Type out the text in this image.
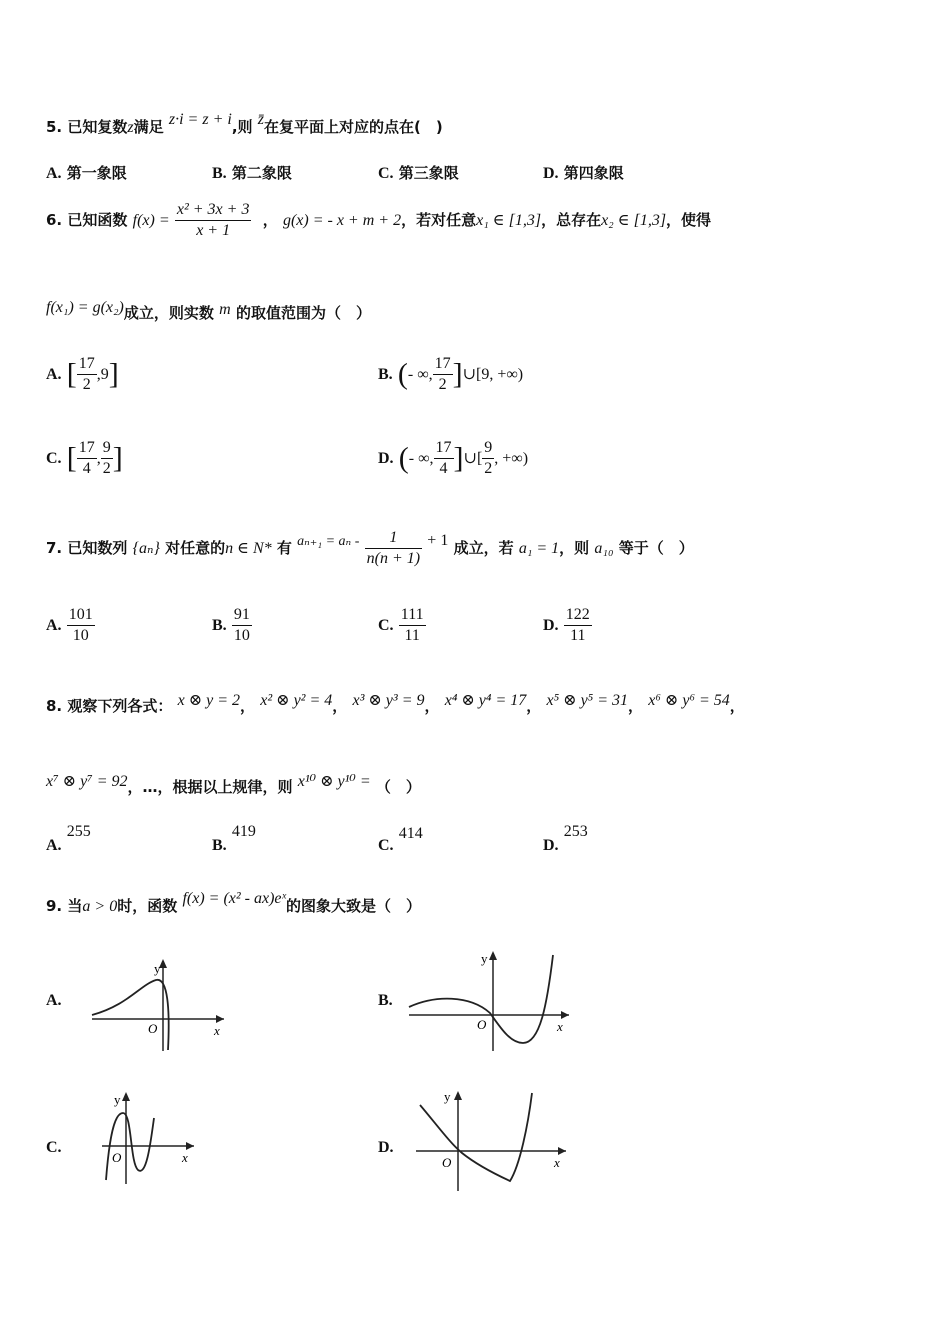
5. 已知复数z满足 z·i = z + i,则 z̄在复平面上对应的点在(　)
A. 第一象限	B. 第二象限	C. 第三象限	D. 第四象限
6. 已知函数 $f(x) = \frac{\text{x² + 3x + 3}}{x + 1}$ ， g(x) = - x + m + 2，若对任意x₁ ∈ [1,3]，总存在x₂ ∈ [1,3]，使得
f(x₁) = g(x₂)成立，则实数 m 的取值范围为（　）
A. [ $\frac{17}{2} ,9$]	B. (- ∞, $\frac{17}{2}$ ]∪[9, +∞)
C. [ $\frac{17}{4}$ , $\frac{9}{2}$ ]	D. (- ∞, $\frac{17}{4}$ ]∪[ $\frac{9}{2}$ , +∞)
7. 已知数列 {aₙ} 对任意的n ∈ N* 有 $a_{n+1} = a_n - \frac{1}{n(n + 1)} + 1$ 成立，若 a₁ = 1，则 a₁₀ 等于（　）
A. $\frac{101}{10}$	B. $\frac{91}{10}$	C. $\frac{111}{11}$	D. $\frac{122}{11}$
8. 观察下列各式： x ⊗ y = 2， x² ⊗ y² = 4， x³ ⊗ y³ = 9， x⁴ ⊗ y⁴ = 17， x⁵ ⊗ y⁵ = 31， x⁶ ⊗ y⁶ = 54，
x⁷ ⊗ y⁷ = 92，…，根据以上规律，则 x¹⁰ ⊗ y¹⁰ = （　）
A. 255
B. 419
C. 414
D. 253
9. 当a > 0时，函数 f(x) = (x² - ax)eˣ的图象大致是（　）
A.	B.
C.	D.
y
x
O
y
x
O
y
x
O
y
x
O
